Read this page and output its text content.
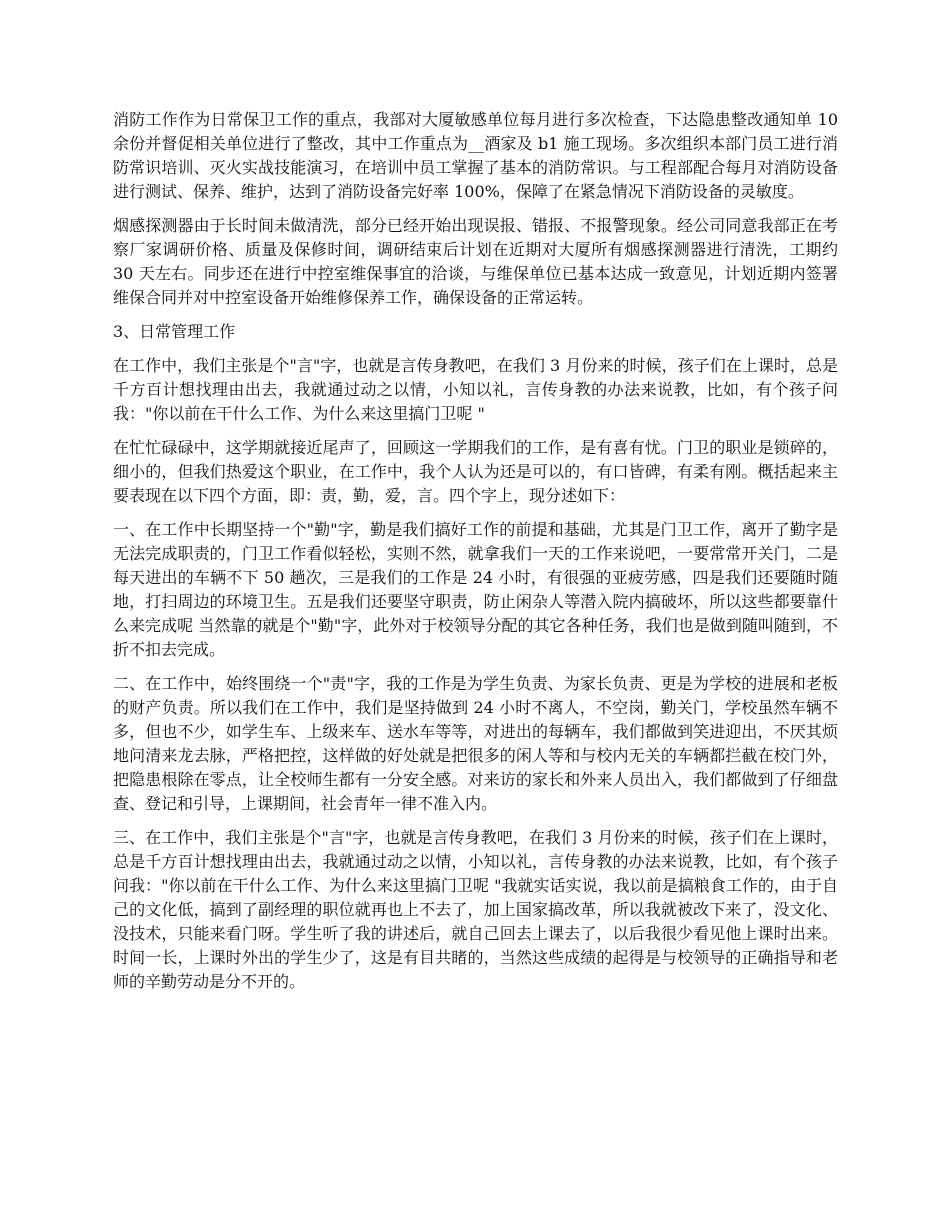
消防工作作为日常保卫工作的重点，我部对大厦敏感单位每月进行多次检查，下达隐患整改通知单 10 余份并督促相关单位进行了整改，其中工作重点为__酒家及 b1 施工现场。多次组织本部门员工进行消防常识培训、灭火实战技能演习，在培训中员工掌握了基本的消防常识。与工程部配合每月对消防设备进行测试、保养、维护，达到了消防设备完好率 100%，保障了在紧急情况下消防设备的灵敏度。

烟感探测器由于长时间未做清洗，部分已经开始出现误报、错报、不报警现象。经公司同意我部正在考察厂家调研价格、质量及保修时间，调研结束后计划在近期对大厦所有烟感探测器进行清洗，工期约 30 天左右。同步还在进行中控室维保事宜的洽谈，与维保单位已基本达成一致意见，计划近期内签署维保合同并对中控室设备开始维修保养工作，确保设备的正常运转。

3、日常管理工作

在工作中，我们主张是个"言"字，也就是言传身教吧，在我们 3 月份来的时候，孩子们在上课时，总是千方百计想找理由出去，我就通过动之以情，小知以礼，言传身教的办法来说教，比如，有个孩子问我："你以前在干什么工作、为什么来这里搞门卫呢 "

在忙忙碌碌中，这学期就接近尾声了，回顾这一学期我们的工作，是有喜有忧。门卫的职业是锁碎的，细小的，但我们热爱这个职业，在工作中，我个人认为还是可以的，有口皆碑，有柔有刚。概括起来主要表现在以下四个方面，即：责，勤，爱，言。四个字上，现分述如下：

一、在工作中长期坚持一个"勤"字，勤是我们搞好工作的前提和基础，尤其是门卫工作，离开了勤字是无法完成职责的，门卫工作看似轻松，实则不然，就拿我们一天的工作来说吧，一要常常开关门，二是每天进出的车辆不下 50 趟次，三是我们的工作是 24 小时，有很强的亚疲劳感，四是我们还要随时随地，打扫周边的环境卫生。五是我们还要坚守职责，防止闲杂人等潜入院内搞破坏，所以这些都要靠什么来完成呢 当然靠的就是个"勤"字，此外对于校领导分配的其它各种任务，我们也是做到随叫随到，不折不扣去完成。

二、在工作中，始终围绕一个"责"字，我的工作是为学生负责、为家长负责、更是为学校的进展和老板的财产负责。所以我们在工作中，我们是坚持做到 24 小时不离人，不空岗，勤关门，学校虽然车辆不多，但也不少，如学生车、上级来车、送水车等等，对进出的每辆车，我们都做到笑进迎出，不厌其烦地问清来龙去脉，严格把控，这样做的好处就是把很多的闲人等和与校内无关的车辆都拦截在校门外，把隐患根除在零点，让全校师生都有一分安全感。对来访的家长和外来人员出入，我们都做到了仔细盘查、登记和引导，上课期间，社会青年一律不准入内。

三、在工作中，我们主张是个"言"字，也就是言传身教吧，在我们 3 月份来的时候，孩子们在上课时，总是千方百计想找理由出去，我就通过动之以情，小知以礼，言传身教的办法来说教，比如，有个孩子问我："你以前在干什么工作、为什么来这里搞门卫呢 "我就实话实说，我以前是搞粮食工作的，由于自己的文化低，搞到了副经理的职位就再也上不去了，加上国家搞改革，所以我就被改下来了，没文化、没技术，只能来看门呀。学生听了我的讲述后，就自己回去上课去了，以后我很少看见他上课时出来。时间一长，上课时外出的学生少了，这是有目共睹的，当然这些成绩的起得是与校领导的正确指导和老师的辛勤劳动是分不开的。
